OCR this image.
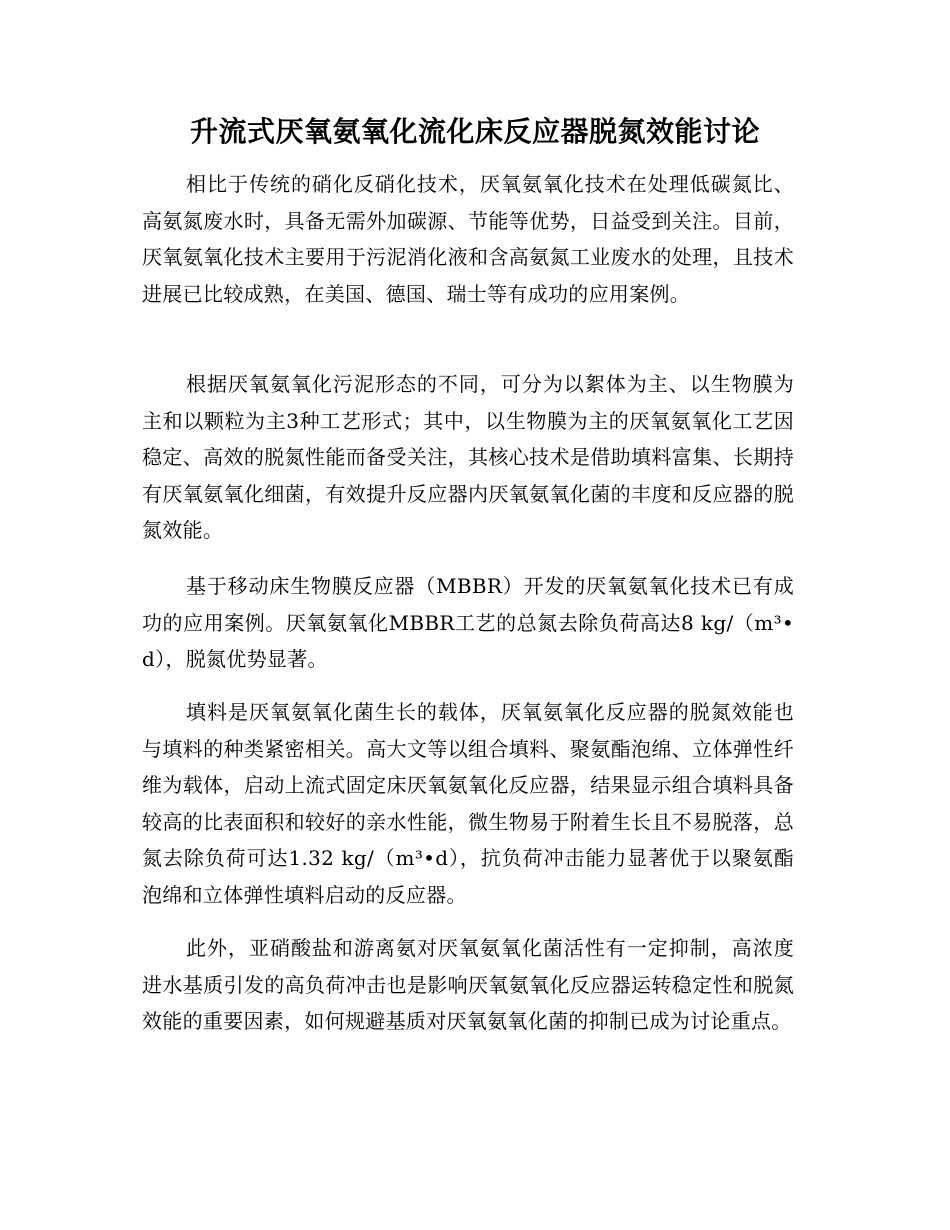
升流式厌氧氨氧化流化床反应器脱氮效能讨论

相比于传统的硝化反硝化技术，厌氧氨氧化技术在处理低碳氮比、高氨氮废水时，具备无需外加碳源、节能等优势，日益受到关注。目前，厌氧氨氧化技术主要用于污泥消化液和含高氨氮工业废水的处理，且技术进展已比较成熟，在美国、德国、瑞士等有成功的应用案例。

根据厌氧氨氧化污泥形态的不同，可分为以絮体为主、以生物膜为主和以颗粒为主3种工艺形式；其中，以生物膜为主的厌氧氨氧化工艺因稳定、高效的脱氮性能而备受关注，其核心技术是借助填料富集、长期持有厌氧氨氧化细菌，有效提升反应器内厌氧氨氧化菌的丰度和反应器的脱氮效能。

基于移动床生物膜反应器（MBBR）开发的厌氧氨氧化技术已有成功的应用案例。厌氧氨氧化MBBR工艺的总氮去除负荷高达8 kg/（m³•d），脱氮优势显著。

填料是厌氧氨氧化菌生长的载体，厌氧氨氧化反应器的脱氮效能也与填料的种类紧密相关。高大文等以组合填料、聚氨酯泡绵、立体弹性纤维为载体，启动上流式固定床厌氧氨氧化反应器，结果显示组合填料具备较高的比表面积和较好的亲水性能，微生物易于附着生长且不易脱落，总氮去除负荷可达1.32 kg/（m³•d），抗负荷冲击能力显著优于以聚氨酯泡绵和立体弹性填料启动的反应器。

此外，亚硝酸盐和游离氨对厌氧氨氧化菌活性有一定抑制，高浓度进水基质引发的高负荷冲击也是影响厌氧氨氧化反应器运转稳定性和脱氮效能的重要因素，如何规避基质对厌氧氨氧化菌的抑制已成为讨论重点。
